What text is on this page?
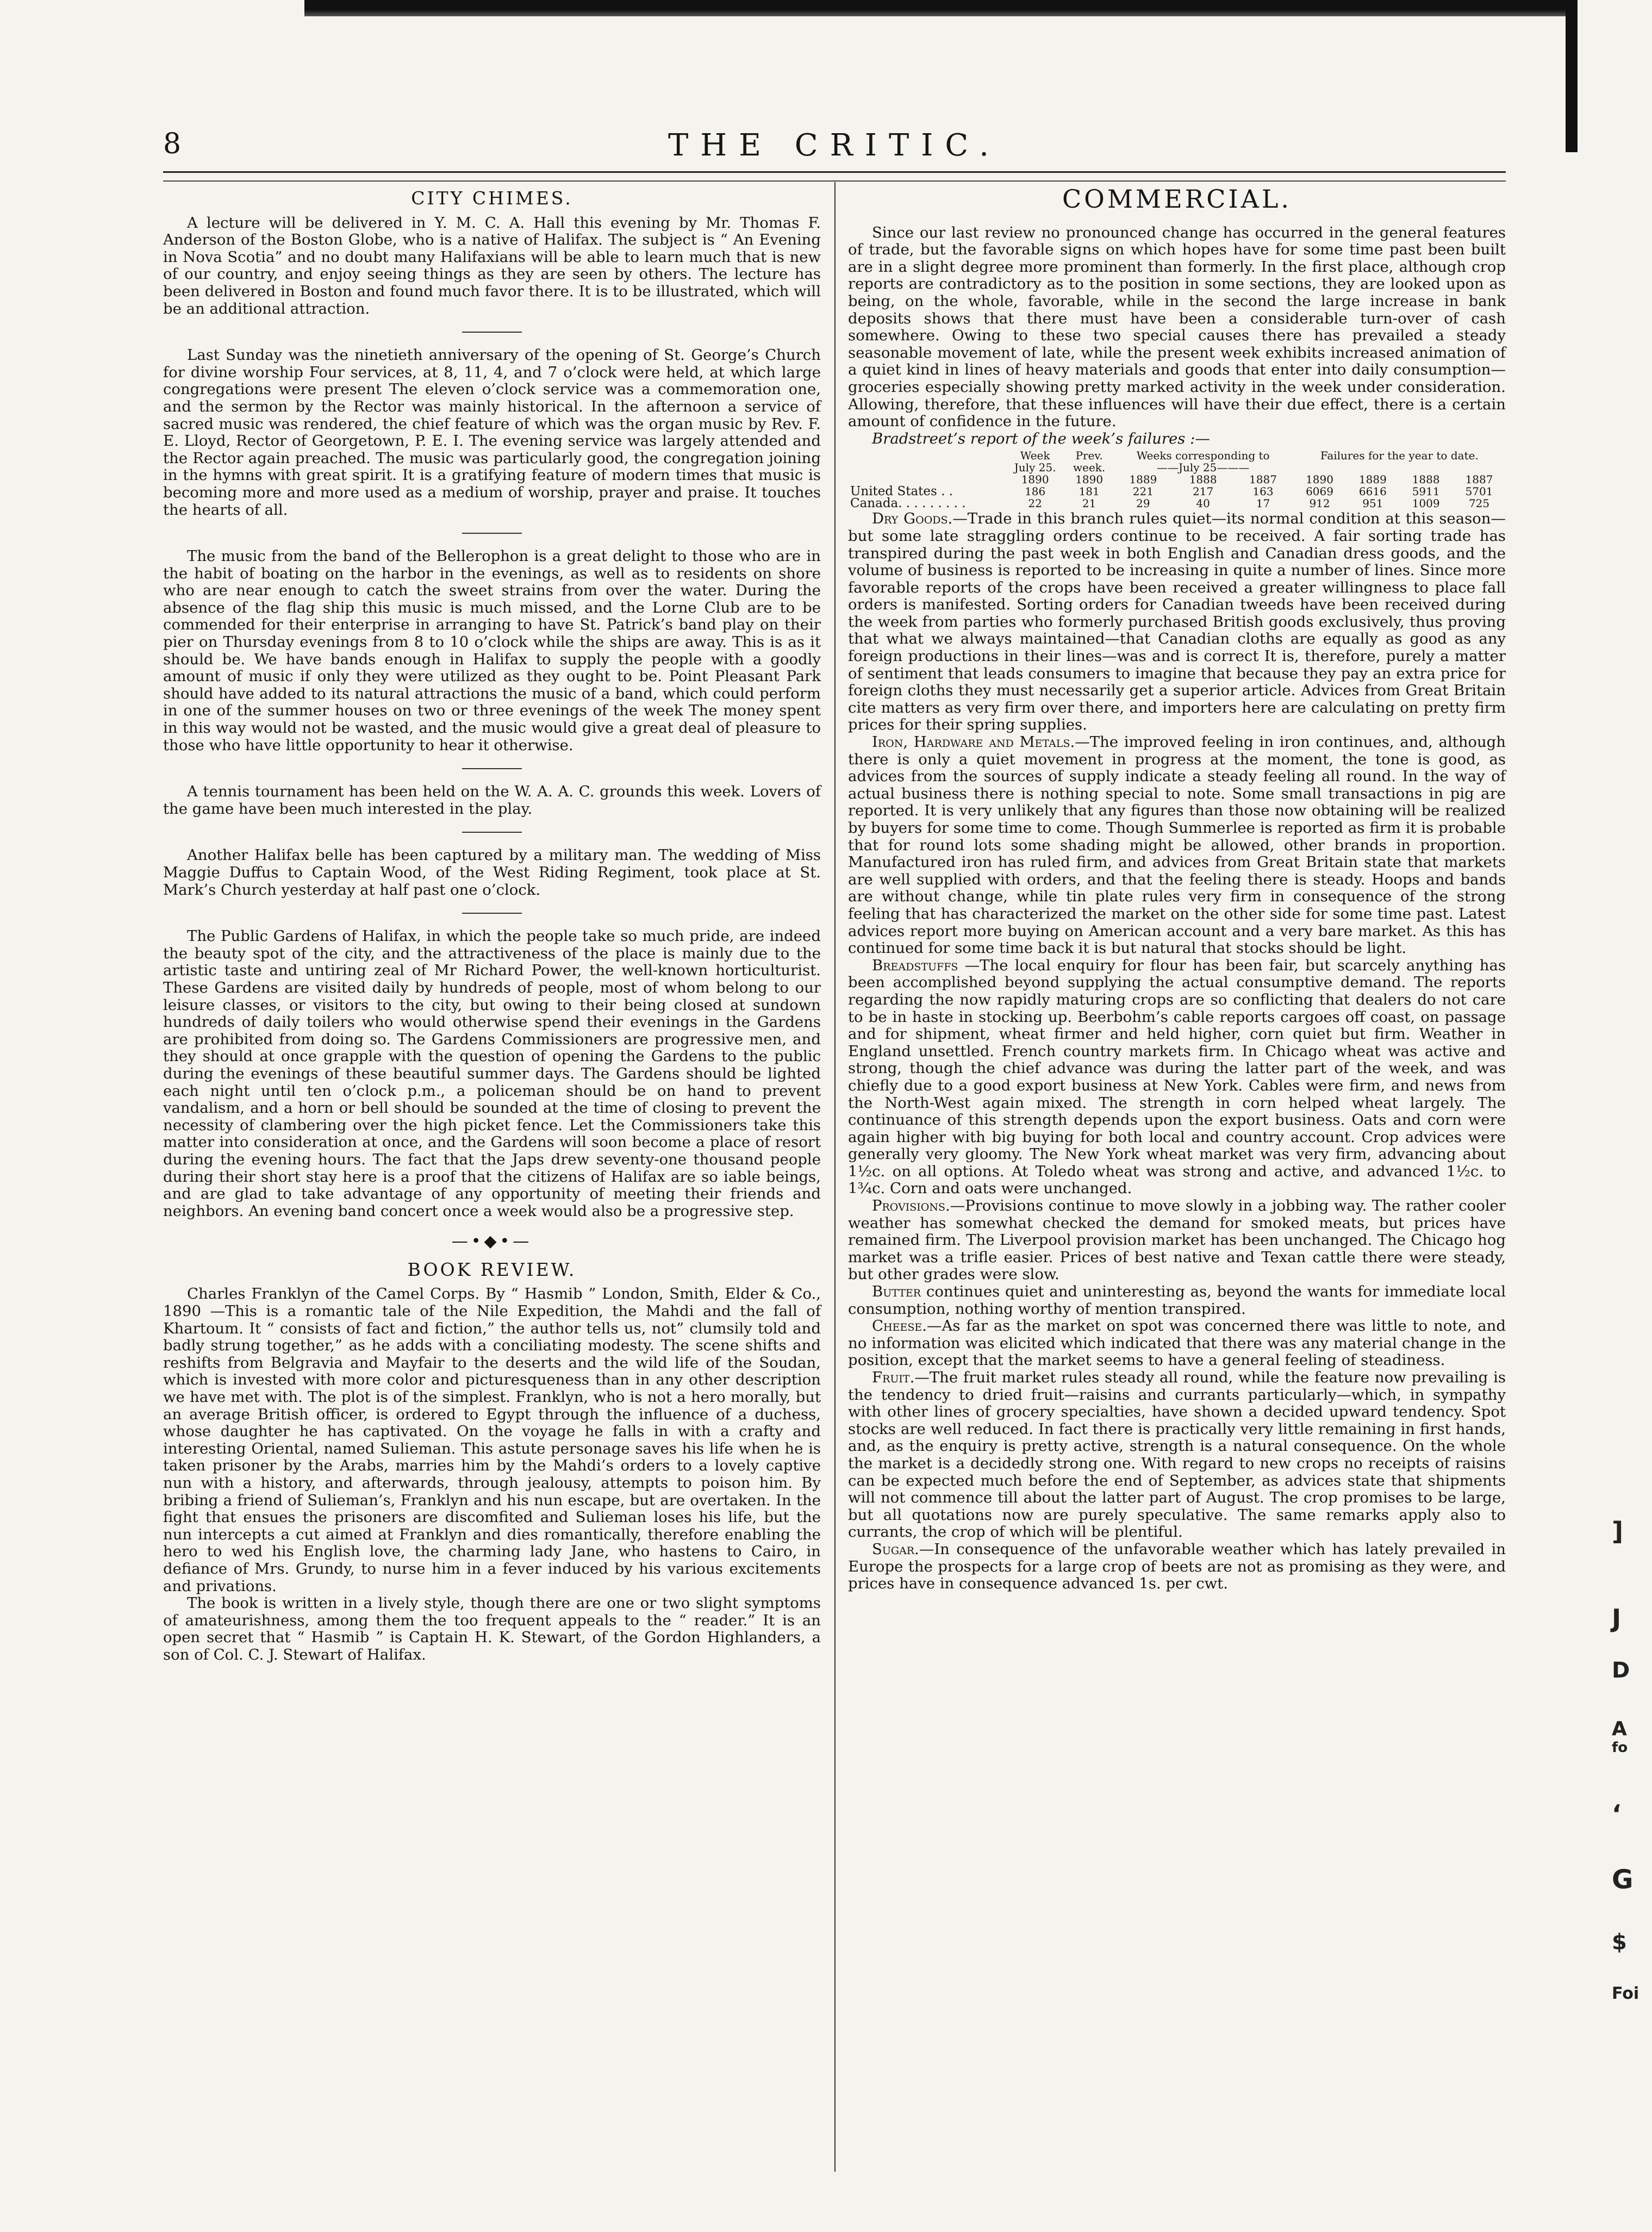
8	THE CRITIC.
CITY CHIMES.

A lecture will be delivered in Y. M. C. A. Hall this evening by Mr. Thomas F. Anderson of the Boston Globe, who is a native of Halifax. The subject is “ An Evening in Nova Scotia” and no doubt many Halifaxians will be able to learn much that is new of our country, and enjoy seeing things as they are seen by others. The lecture has been delivered in Boston and found much favor there. It is to be illustrated, which will be an additional attraction.

Last Sunday was the ninetieth anniversary of the opening of St. George’s Church for divine worship Four services, at 8, 11, 4, and 7 o’clock were held, at which large congregations were present The eleven o’clock service was a commemoration one, and the sermon by the Rector was mainly historical. In the afternoon a service of sacred music was rendered, the chief feature of which was the organ music by Rev. F. E. Lloyd, Rector of Georgetown, P. E. I. The evening service was largely attended and the Rector again preached. The music was particularly good, the congregation joining in the hymns with great spirit. It is a gratifying feature of modern times that music is becoming more and more used as a medium of worship, prayer and praise. It touches the hearts of all.

The music from the band of the Bellerophon is a great delight to those who are in the habit of boating on the harbor in the evenings, as well as to residents on shore who are near enough to catch the sweet strains from over the water. During the absence of the flag ship this music is much missed, and the Lorne Club are to be commended for their enterprise in arranging to have St. Patrick’s band play on their pier on Thursday evenings from 8 to 10 o’clock while the ships are away. This is as it should be. We have bands enough in Halifax to supply the people with a goodly amount of music if only they were utilized as they ought to be. Point Pleasant Park should have added to its natural attractions the music of a band, which could perform in one of the summer houses on two or three evenings of the week The money spent in this way would not be wasted, and the music would give a great deal of pleasure to those who have little opportunity to hear it otherwise.

A tennis tournament has been held on the W. A. A. C. grounds this week. Lovers of the game have been much interested in the play.

Another Halifax belle has been captured by a military man. The wedding of Miss Maggie Duffus to Captain Wood, of the West Riding Regiment, took place at St. Mark’s Church yesterday at half past one o’clock.

The Public Gardens of Halifax, in which the people take so much pride, are indeed the beauty spot of the city, and the attractiveness of the place is mainly due to the artistic taste and untiring zeal of Mr Richard Power, the well-known horticulturist. These Gardens are visited daily by hundreds of people, most of whom belong to our leisure classes, or visitors to the city, but owing to their being closed at sundown hundreds of daily toilers who would otherwise spend their evenings in the Gardens are prohibited from doing so. The Gardens Commissioners are progressive men, and they should at once grapple with the question of opening the Gardens to the public during the evenings of these beautiful summer days. The Gardens should be lighted each night until ten o’clock p.m., a policeman should be on hand to prevent vandalism, and a horn or bell should be sounded at the time of closing to prevent the necessity of clambering over the high picket fence. Let the Commissioners take this matter into consideration at once, and the Gardens will soon become a place of resort during the evening hours. The fact that the Japs drew seventy-one thousand people during their short stay here is a proof that the citizens of Halifax are so iable beings, and are glad to take advantage of any opportunity of meeting their friends and neighbors. An evening band concert once a week would also be a progressive step.

—•◆•—
BOOK REVIEW.

Charles Franklyn of the Camel Corps. By “ Hasmib ” London, Smith, Elder & Co., 1890 —This is a romantic tale of the Nile Expedition, the Mahdi and the fall of Khartoum. It “ consists of fact and fiction,” the author tells us, not” clumsily told and badly strung together,” as he adds with a conciliating modesty. The scene shifts and reshifts from Belgravia and Mayfair to the deserts and the wild life of the Soudan, which is invested with more color and picturesqueness than in any other description we have met with. The plot is of the simplest. Franklyn, who is not a hero morally, but an average British officer, is ordered to Egypt through the influence of a duchess, whose daughter he has captivated. On the voyage he falls in with a crafty and interesting Oriental, named Sulieman. This astute personage saves his life when he is taken prisoner by the Arabs, marries him by the Mahdi’s orders to a lovely captive nun with a history, and afterwards, through jealousy, attempts to poison him. By bribing a friend of Sulieman’s, Franklyn and his nun escape, but are overtaken. In the fight that ensues the prisoners are discomfited and Sulieman loses his life, but the nun intercepts a cut aimed at Franklyn and dies romantically, therefore enabling the hero to wed his English love, the charming lady Jane, who hastens to Cairo, in defiance of Mrs. Grundy, to nurse him in a fever induced by his various excitements and privations.

The book is written in a lively style, though there are one or two slight symptoms of amateurishness, among them the too frequent appeals to the “ reader.” It is an open secret that “ Hasmib ” is Captain H. K. Stewart, of the Gordon Highlanders, a son of Col. C. J. Stewart of Halifax.

COMMERCIAL.

Since our last review no pronounced change has occurred in the general features of trade, but the favorable signs on which hopes have for some time past been built are in a slight degree more prominent than formerly. In the first place, although crop reports are contradictory as to the position in some sections, they are looked upon as being, on the whole, favorable, while in the second the large increase in bank deposits shows that there must have been a considerable turn-over of cash somewhere. Owing to these two special causes there has prevailed a steady seasonable movement of late, while the present week exhibits increased animation of a quiet kind in lines of heavy materials and goods that enter into daily consumption—groceries especially showing pretty marked activity in the week under consideration. Allowing, therefore, that these influences will have their due effect, there is a certain amount of confidence in the future.

Bradstreet’s report of the week’s failures :—
	Week	Prev.	Weeks corresponding to			Failures for the year to date.			
	July 25.	week.	——July 25———						
	1890	1890	1889	1888	1887	1890	1889	1888	1887
United States . .	186	181	221	217	163	6069	6616	5911	5701
Canada. . . . . . . . .	22	21	29	40	17	912	951	1009	725

Dry Goods.—Trade in this branch rules quiet—its normal condition at this season—but some late straggling orders continue to be received. A fair sorting trade has transpired during the past week in both English and Canadian dress goods, and the volume of business is reported to be increasing in quite a number of lines. Since more favorable reports of the crops have been received a greater willingness to place fall orders is manifested. Sorting orders for Canadian tweeds have been received during the week from parties who formerly purchased British goods exclusively, thus proving that what we always maintained—that Canadian cloths are equally as good as any foreign productions in their lines—was and is correct It is, therefore, purely a matter of sentiment that leads consumers to imagine that because they pay an extra price for foreign cloths they must necessarily get a superior article. Advices from Great Britain cite matters as very firm over there, and importers here are calculating on pretty firm prices for their spring supplies.

Iron, Hardware and Metals.—The improved feeling in iron continues, and, although there is only a quiet movement in progress at the moment, the tone is good, as advices from the sources of supply indicate a steady feeling all round. In the way of actual business there is nothing special to note. Some small transactions in pig are reported. It is very unlikely that any figures than those now obtaining will be realized by buyers for some time to come. Though Summerlee is reported as firm it is probable that for round lots some shading might be allowed, other brands in proportion. Manufactured iron has ruled firm, and advices from Great Britain state that markets are well supplied with orders, and that the feeling there is steady. Hoops and bands are without change, while tin plate rules very firm in consequence of the strong feeling that has characterized the market on the other side for some time past. Latest advices report more buying on American account and a very bare market. As this has continued for some time back it is but natural that stocks should be light.

Breadstuffs —The local enquiry for flour has been fair, but scarcely anything has been accomplished beyond supplying the actual consumptive demand. The reports regarding the now rapidly maturing crops are so conflicting that dealers do not care to be in haste in stocking up. Beerbohm’s cable reports cargoes off coast, on passage and for shipment, wheat firmer and held higher, corn quiet but firm. Weather in England unsettled. French country markets firm. In Chicago wheat was active and strong, though the chief advance was during the latter part of the week, and was chiefly due to a good export business at New York. Cables were firm, and news from the North-West again mixed. The strength in corn helped wheat largely. The continuance of this strength depends upon the export business. Oats and corn were again higher with big buying for both local and country account. Crop advices were generally very gloomy. The New York wheat market was very firm, advancing about 1½c. on all options. At Toledo wheat was strong and active, and advanced 1½c. to 1¾c. Corn and oats were unchanged.

Provisions.—Provisions continue to move slowly in a jobbing way. The rather cooler weather has somewhat checked the demand for smoked meats, but prices have remained firm. The Liverpool provision market has been unchanged. The Chicago hog market was a trifle easier. Prices of best native and Texan cattle there were steady, but other grades were slow.

Butter continues quiet and uninteresting as, beyond the wants for immediate local consumption, nothing worthy of mention transpired.

Cheese.—As far as the market on spot was concerned there was little to note, and no information was elicited which indicated that there was any material change in the position, except that the market seems to have a general feeling of steadiness.

Fruit.—The fruit market rules steady all round, while the feature now prevailing is the tendency to dried fruit—raisins and currants particularly—which, in sympathy with other lines of grocery specialties, have shown a decided upward tendency. Spot stocks are well reduced. In fact there is practically very little remaining in first hands, and, as the enquiry is pretty active, strength is a natural consequence. On the whole the market is a decidedly strong one. With regard to new crops no receipts of raisins can be expected much before the end of September, as advices state that shipments will not commence till about the latter part of August. The crop promises to be large, but all quotations now are purely speculative. The same remarks apply also to currants, the crop of which will be plentiful.

Sugar.—In consequence of the unfavorable weather which has lately prevailed in Europe the prospects for a large crop of beets are not as promising as they were, and prices have in consequence advanced 1s. per cwt.

]
J
D
A
fo
‘
G
$
Foi
